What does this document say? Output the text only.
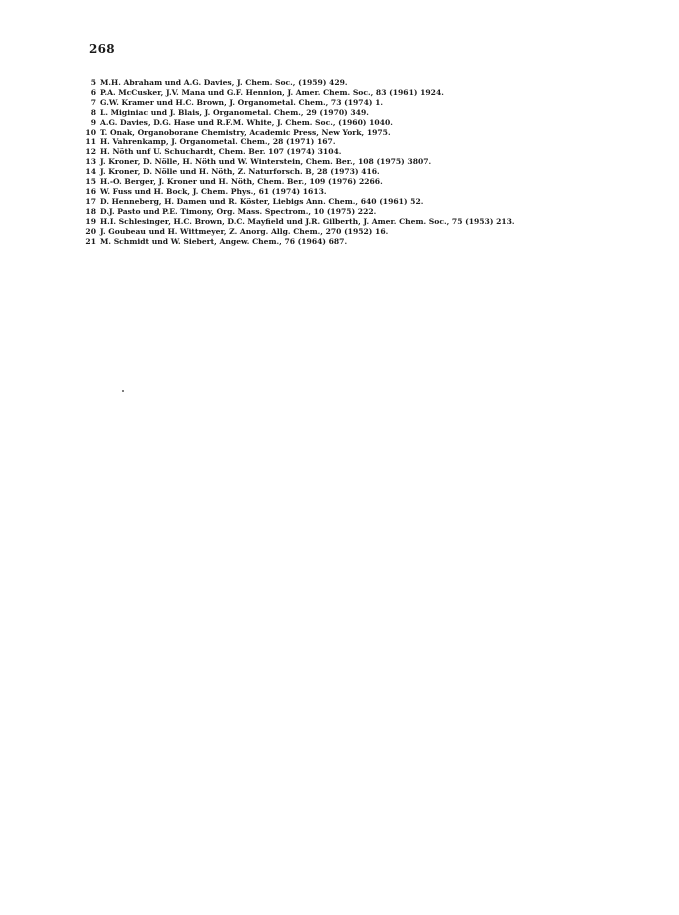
268
5 M.H. Abraham und A.G. Davies, J. Chem. Soc., (1959) 429.
6 P.A. McCusker, J.V. Mana und G.F. Hennion, J. Amer. Chem. Soc., 83 (1961) 1924.
7 G.W. Kramer und H.C. Brown, J. Organometal. Chem., 73 (1974) 1.
8 L. Miginiac und J. Blais, J. Organometal. Chem., 29 (1970) 349.
9 A.G. Davies, D.G. Hase und R.F.M. White, J. Chem. Soc., (1960) 1040.
10 T. Onak, Organoborane Chemistry, Academic Press, New York, 1975.
11 H. Vahrenkamp, J. Organometal. Chem., 28 (1971) 167.
12 H. Nöth unf U. Schuchardt, Chem. Ber. 107 (1974) 3104.
13 J. Kroner, D. Nölle, H. Nöth und W. Winterstein, Chem. Ber., 108 (1975) 3807.
14 J. Kroner, D. Nölle und H. Nöth, Z. Naturforsch. B, 28 (1973) 416.
15 H.-O. Berger, J. Kroner und H. Nöth, Chem. Ber., 109 (1976) 2266.
16 W. Fuss und H. Bock, J. Chem. Phys., 61 (1974) 1613.
17 D. Henneberg, H. Damen und R. Köster, Liebigs Ann. Chem., 640 (1961) 52.
18 D.J. Pasto und P.E. Timony, Org. Mass. Spectrom., 10 (1975) 222.
19 H.I. Schlesinger, H.C. Brown, D.C. Mayfield und J.R. Gilberth, J. Amer. Chem. Soc., 75 (1953) 213.
20 J. Goubeau und H. Wittmeyer, Z. Anorg. Allg. Chem., 270 (1952) 16.
21 M. Schmidt und W. Siebert, Angew. Chem., 76 (1964) 687.
